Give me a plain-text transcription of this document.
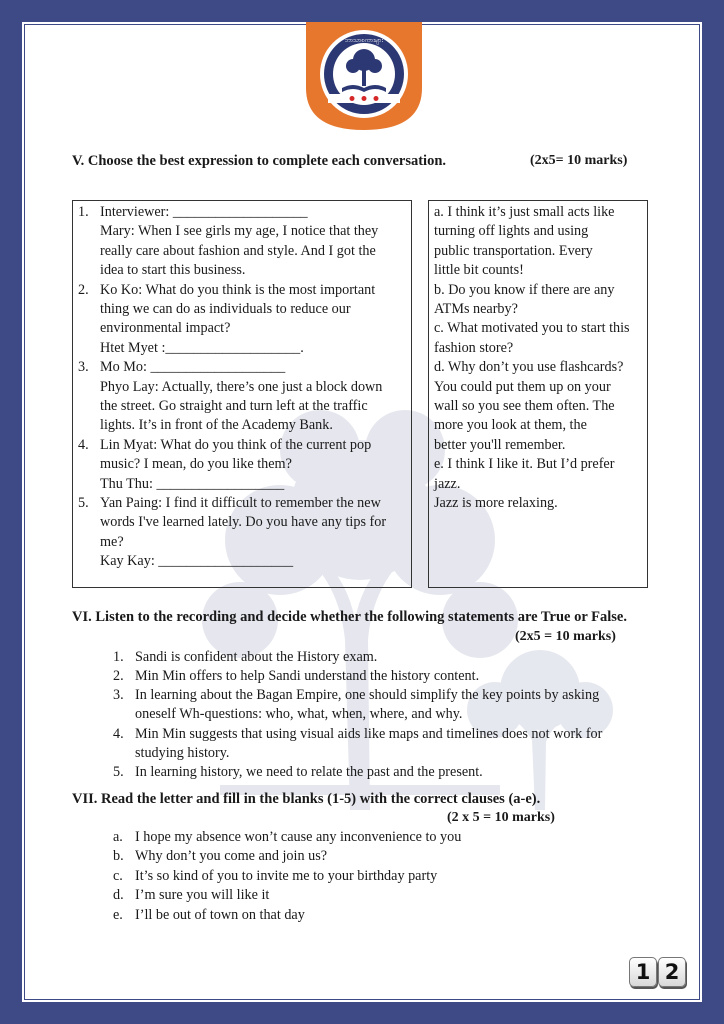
ဘာသာစကားများ
V. Choose the best expression to complete each conversation.	(2x5= 10 marks)
1. Interviewer: ___________________
Mary: When I see girls my age, I notice that they
really care about fashion and style. And I got the
idea to start this business.
2. Ko Ko: What do you think is the most important
thing we can do as individuals to reduce our
environmental impact?
Htet Myet :___________________.
3. Mo Mo: ___________________
Phyo Lay: Actually, there’s one just a block down
the street. Go straight and turn left at the traffic
lights. It’s in front of the Academy Bank.
4. Lin Myat: What do you think of the current pop
music? I mean, do you like them?
Thu Thu: __________________
5. Yan Paing: I find it difficult to remember the new
words I've learned lately. Do you have any tips for
me?
Kay Kay: ___________________
a. I think it’s just small acts like
turning off lights and using
public transportation. Every
little bit counts!
b. Do you know if there are any
ATMs nearby?
c. What motivated you to start this
fashion store?
d. Why don’t you use flashcards?
You could put them up on your
wall so you see them often. The
more you look at them, the
better you'll remember.
e. I think I like it. But I’d prefer
jazz.
Jazz is more relaxing.
VI. Listen to the recording and decide whether the following statements are True or False.
(2x5 = 10 marks)
1. Sandi is confident about the History exam.
2. Min Min offers to help Sandi understand the history content.
3. In learning about the Bagan Empire, one should simplify the key points by asking
oneself Wh-questions: who, what, when, where, and why.
4. Min Min suggests that using visual aids like maps and timelines does not work for
studying history.
5. In learning history, we need to relate the past and the present.
VII. Read the letter and fill in the blanks (1-5) with the correct clauses (a-e).
(2 x 5 = 10 marks)
a. I hope my absence won’t cause any inconvenience to you
b. Why don’t you come and join us?
c. It’s so kind of you to invite me to your birthday party
d. I’m sure you will like it
e. I’ll be out of town on that day
1 2
